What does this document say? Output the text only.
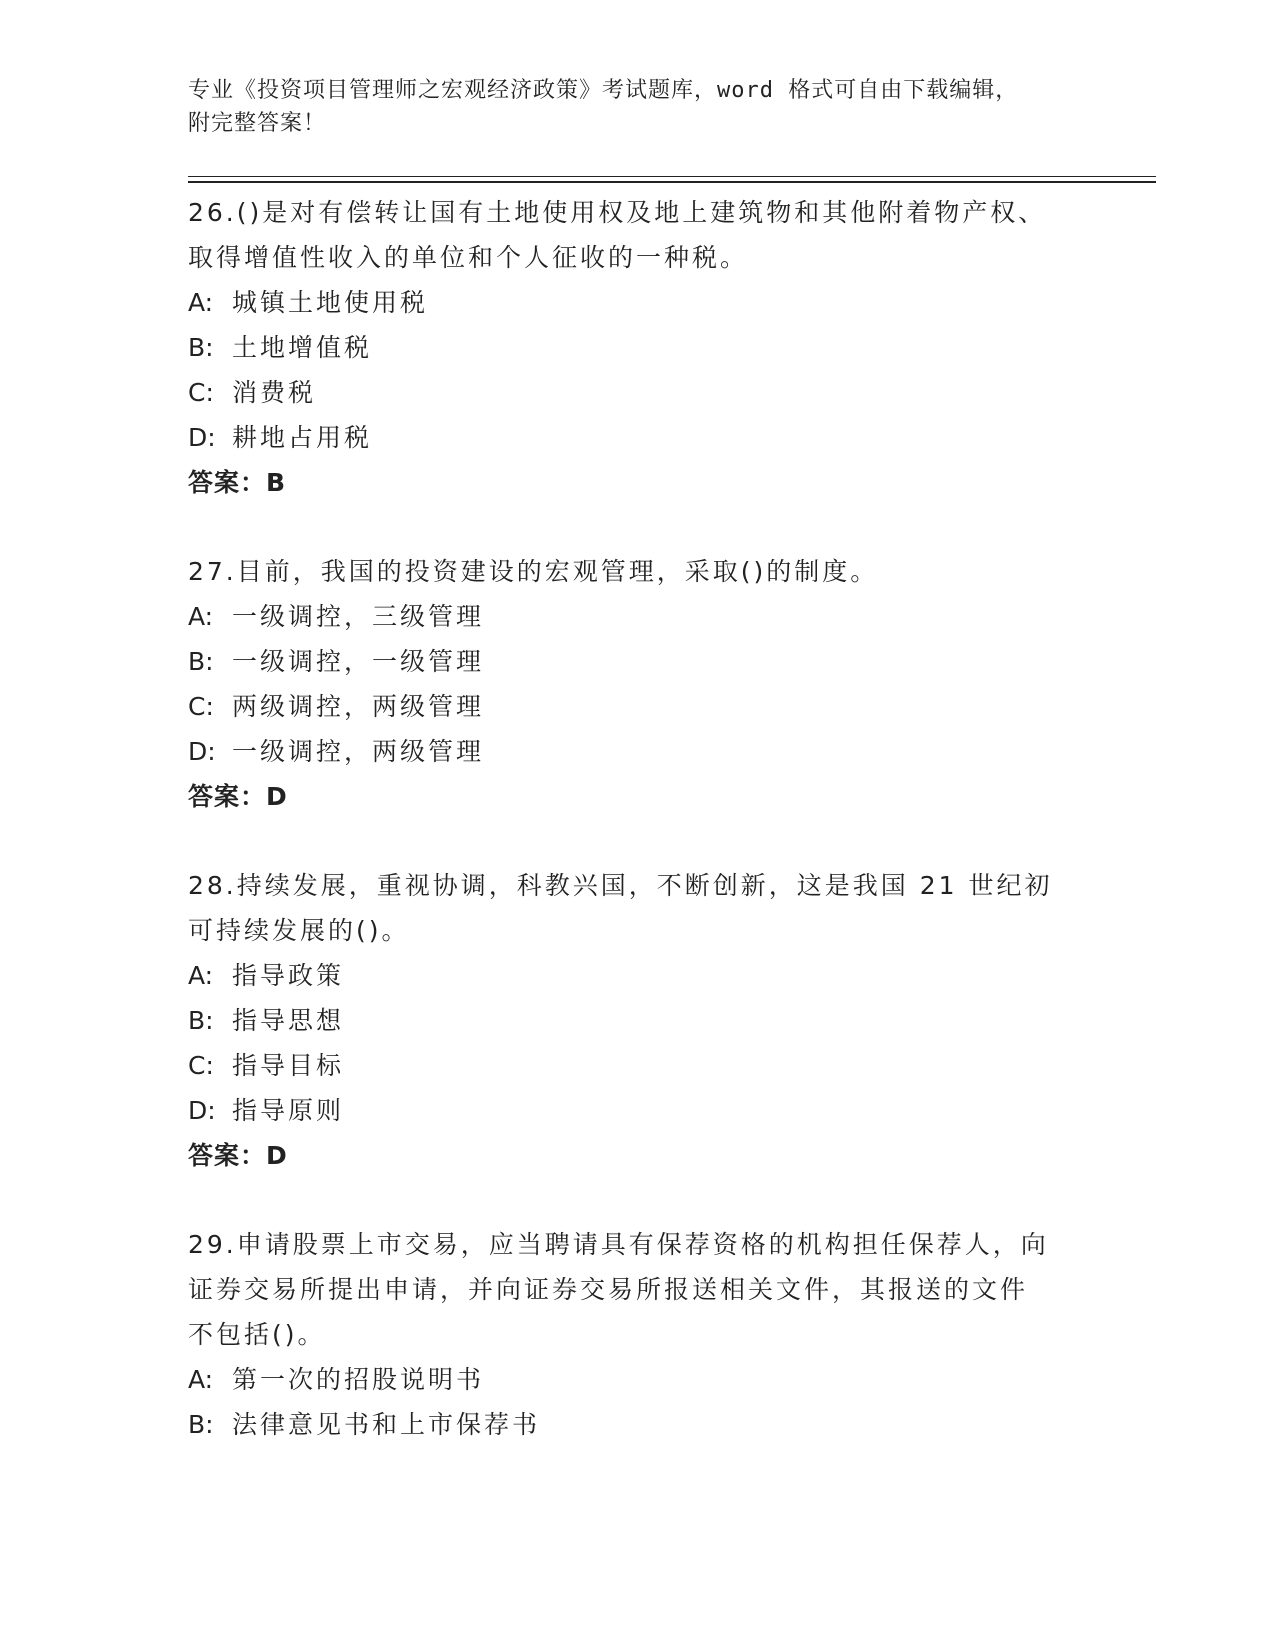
专业《投资项目管理师之宏观经济政策》考试题库，word 格式可自由下载编辑，
附完整答案！
26.()是对有偿转让国有土地使用权及地上建筑物和其他附着物产权、
取得增值性收入的单位和个人征收的一种税。
A: 城镇土地使用税
B: 土地增值税
C: 消费税
D: 耕地占用税
答案：B
27.目前，我国的投资建设的宏观管理，采取()的制度。
A: 一级调控，三级管理
B: 一级调控，一级管理
C: 两级调控，两级管理
D: 一级调控，两级管理
答案：D
28.持续发展，重视协调，科教兴国，不断创新，这是我国 21 世纪初
可持续发展的()。
A: 指导政策
B: 指导思想
C: 指导目标
D: 指导原则
答案：D
29.申请股票上市交易，应当聘请具有保荐资格的机构担任保荐人，向
证券交易所提出申请，并向证券交易所报送相关文件，其报送的文件
不包括()。
A: 第一次的招股说明书
B: 法律意见书和上市保荐书
